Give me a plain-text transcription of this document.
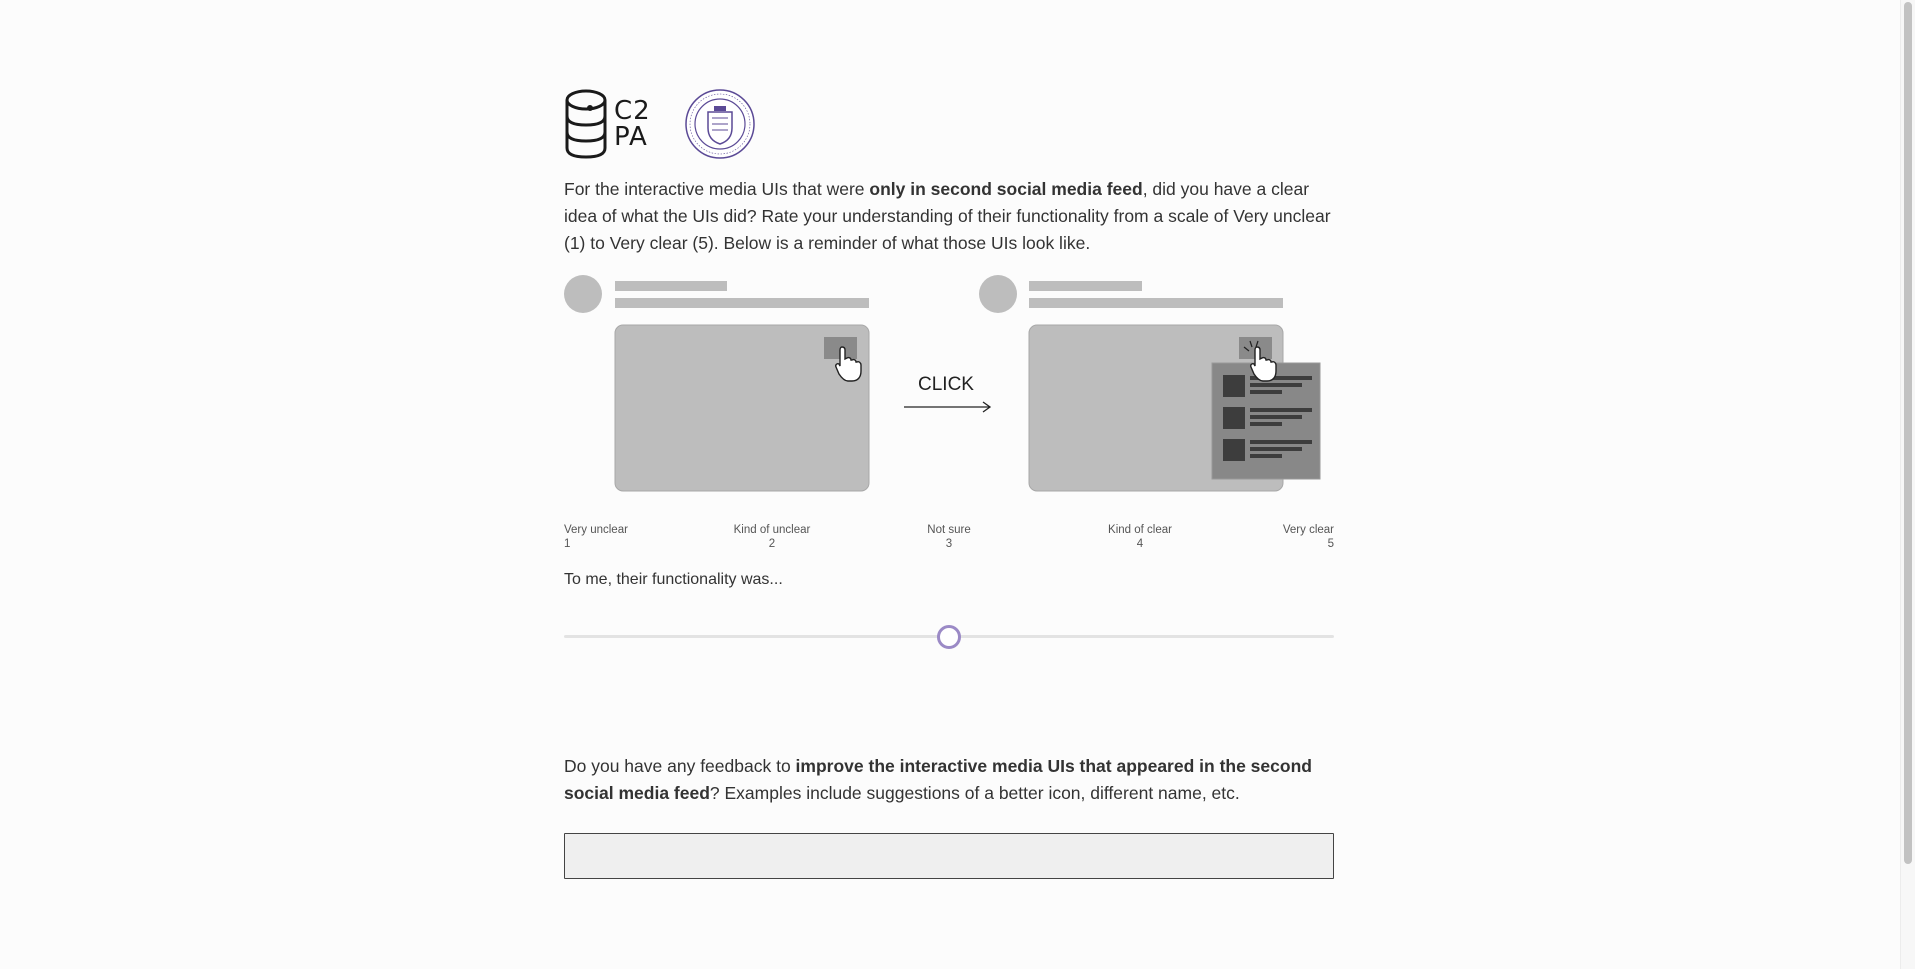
C2
PA

For the interactive media UIs that were only in second social media feed, did you have a clear idea of what the UIs did? Rate your understanding of their functionality from a scale of Very unclear (1) to Very clear (5). Below is a reminder of what those UIs look like.

CLICK
Very unclear
1
Kind of unclear
2
Not sure
3
Kind of clear
4
Very clear
5
To me, their functionality was...

Do you have any feedback to improve the interactive media UIs that appeared in the second social media feed? Examples include suggestions of a better icon, different name, etc.
